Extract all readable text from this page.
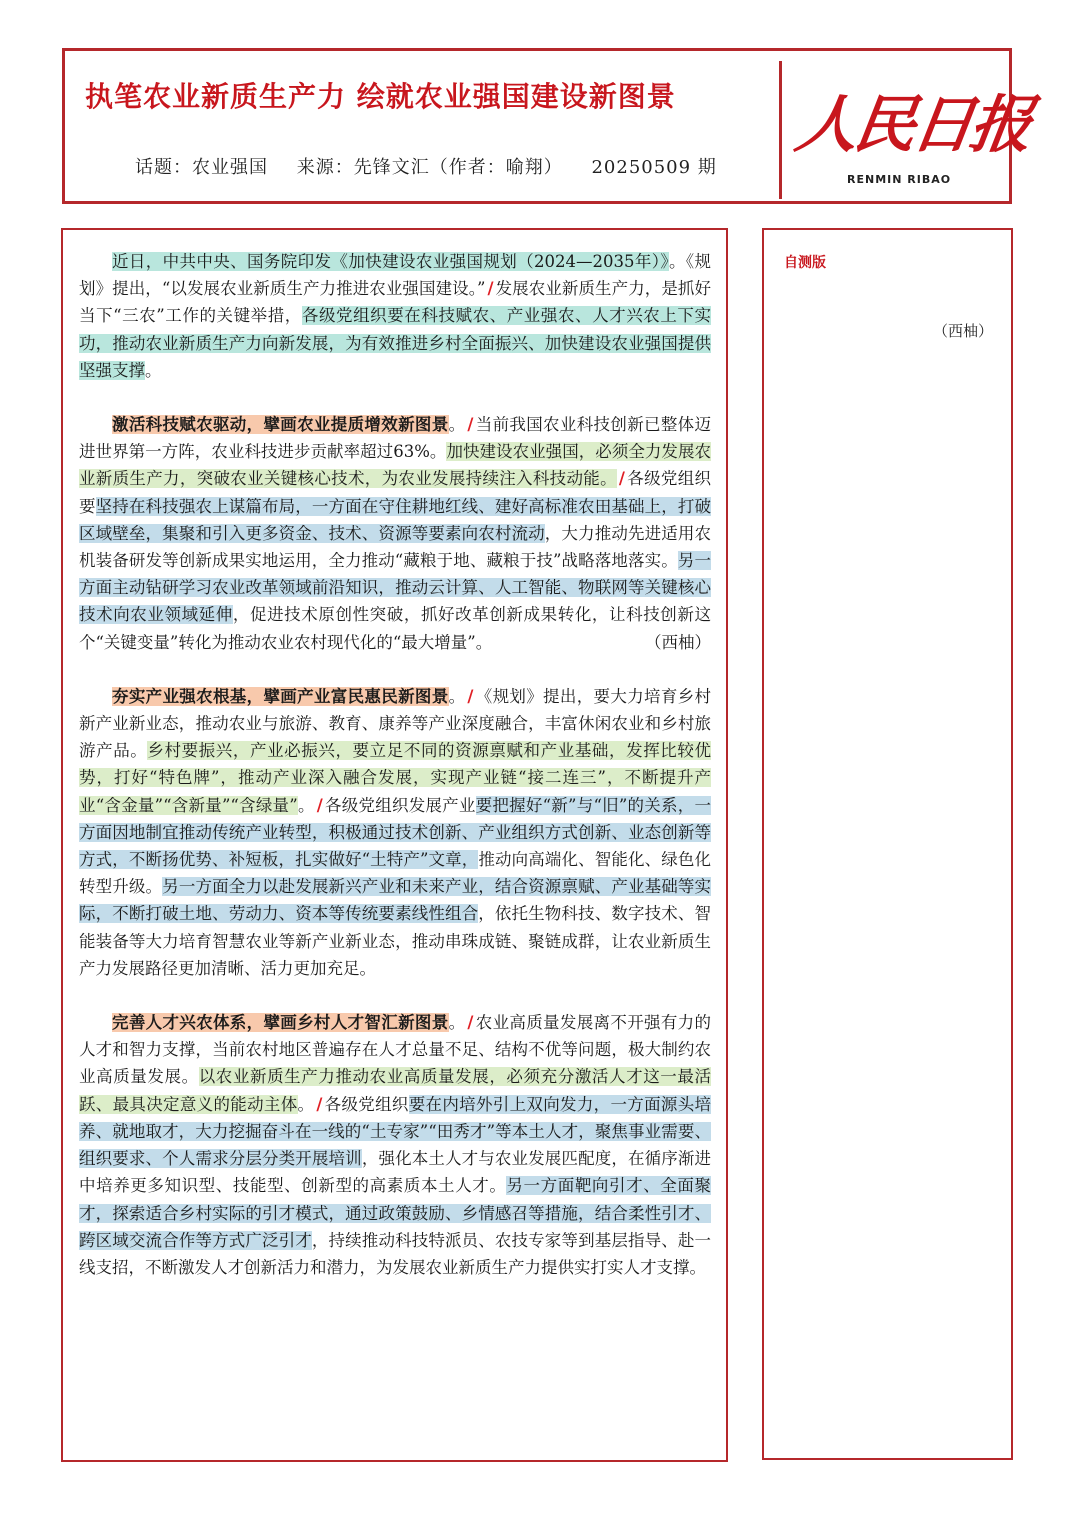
执笔农业新质生产力 绘就农业强国建设新图景
话题：农业强国 来源：先锋文汇（作者：喻翔） 20250509 期
人民日报
RENMIN RIBAO

近日，中共中央、国务院印发《加快建设农业强国规划（2024—2035年）》。《规划》提出，“以发展农业新质生产力推进农业强国建设。” / 发展农业新质生产力，是抓好当下“三农”工作的关键举措，各级党组织要在科技赋农、产业强农、人才兴农上下实功，推动农业新质生产力向新发展，为有效推进乡村全面振兴、加快建设农业强国提供坚强支撑。

激活科技赋农驱动，擘画农业提质增效新图景。 / 当前我国农业科技创新已整体迈进世界第一方阵，农业科技进步贡献率超过63%。加快建设农业强国，必须全力发展农业新质生产力，突破农业关键核心技术，为农业发展持续注入科技动能。 / 各级党组织要坚持在科技强农上谋篇布局，一方面在守住耕地红线、建好高标准农田基础上，打破区域壁垒，集聚和引入更多资金、技术、资源等要素向农村流动，大力推动先进适用农机装备研发等创新成果实地运用，全力推动“藏粮于地、藏粮于技”战略落地落实。另一方面主动钻研学习农业改革领域前沿知识，推动云计算、人工智能、物联网等关键核心技术向农业领域延伸，促进技术原创性突破，抓好改革创新成果转化，让科技创新这个“关键变量”转化为推动农业农村现代化的“最大增量”。	（西柚）

夯实产业强农根基，擘画产业富民惠民新图景。 / 《规划》提出，要大力培育乡村新产业新业态，推动农业与旅游、教育、康养等产业深度融合，丰富休闲农业和乡村旅游产品。乡村要振兴，产业必振兴，要立足不同的资源禀赋和产业基础，发挥比较优势，打好“特色牌”，推动产业深入融合发展，实现产业链“接二连三”，不断提升产业“含金量”“含新量”“含绿量”。 / 各级党组织发展产业要把握好“新”与“旧”的关系，一方面因地制宜推动传统产业转型，积极通过技术创新、产业组织方式创新、业态创新等方式，不断扬优势、补短板，扎实做好“土特产”文章，推动向高端化、智能化、绿色化转型升级。另一方面全力以赴发展新兴产业和未来产业，结合资源禀赋、产业基础等实际，不断打破土地、劳动力、资本等传统要素线性组合，依托生物科技、数字技术、智能装备等大力培育智慧农业等新产业新业态，推动串珠成链、聚链成群，让农业新质生产力发展路径更加清晰、活力更加充足。

完善人才兴农体系，擘画乡村人才智汇新图景。 / 农业高质量发展离不开强有力的人才和智力支撑，当前农村地区普遍存在人才总量不足、结构不优等问题，极大制约农业高质量发展。以农业新质生产力推动农业高质量发展，必须充分激活人才这一最活跃、最具决定意义的能动主体。 / 各级党组织要在内培外引上双向发力，一方面源头培养、就地取才，大力挖掘奋斗在一线的“土专家”“田秀才”等本土人才，聚焦事业需要、组织要求、个人需求分层分类开展培训，强化本土人才与农业发展匹配度，在循序渐进中培养更多知识型、技能型、创新型的高素质本土人才。另一方面靶向引才、全面聚才，探索适合乡村实际的引才模式，通过政策鼓励、乡情感召等措施，结合柔性引才、跨区域交流合作等方式广泛引才，持续推动科技特派员、农技专家等到基层指导、赴一线支招，不断激发人才创新活力和潜力，为发展农业新质生产力提供实打实人才支撑。

自测版
（西柚）
